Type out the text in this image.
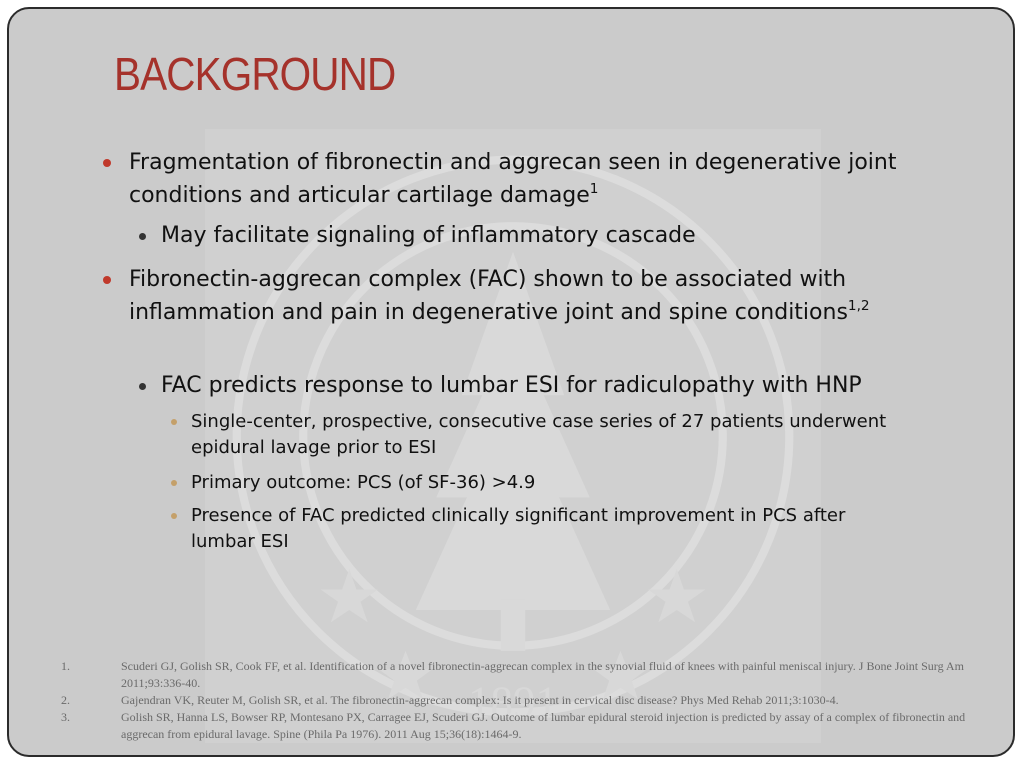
1891
BACKGROUND
Fragmentation of fibronectin and aggrecan seen in degenerative joint conditions and articular cartilage damage$^1$
May facilitate signaling of inflammatory cascade
Fibronectin-aggrecan complex (FAC) shown to be associated with inflammation and pain in degenerative joint and spine conditions$^{1,2}$
FAC predicts response to lumbar ESI for radiculopathy with HNP
Single-center, prospective, consecutive case series of 27 patients underwent epidural lavage prior to ESI
Primary outcome: PCS (of SF-36) >4.9
Presence of FAC predicted clinically significant improvement in PCS after lumbar ESI
1.	Scuderi GJ, Golish SR, Cook FF, et al. Identification of a novel fibronectin-aggrecan complex in the synovial fluid of knees with painful meniscal injury. J Bone Joint Surg Am 2011;93:336-40.
2.	Gajendran VK, Reuter M, Golish SR, et al. The fibronectin-aggrecan complex: Is it present in cervical disc disease? Phys Med Rehab 2011;3:1030-4.
3.	Golish SR, Hanna LS, Bowser RP, Montesano PX, Carragee EJ, Scuderi GJ. Outcome of lumbar epidural steroid injection is predicted by assay of a complex of fibronectin and aggrecan from epidural lavage. Spine (Phila Pa 1976). 2011 Aug 15;36(18):1464-9.
